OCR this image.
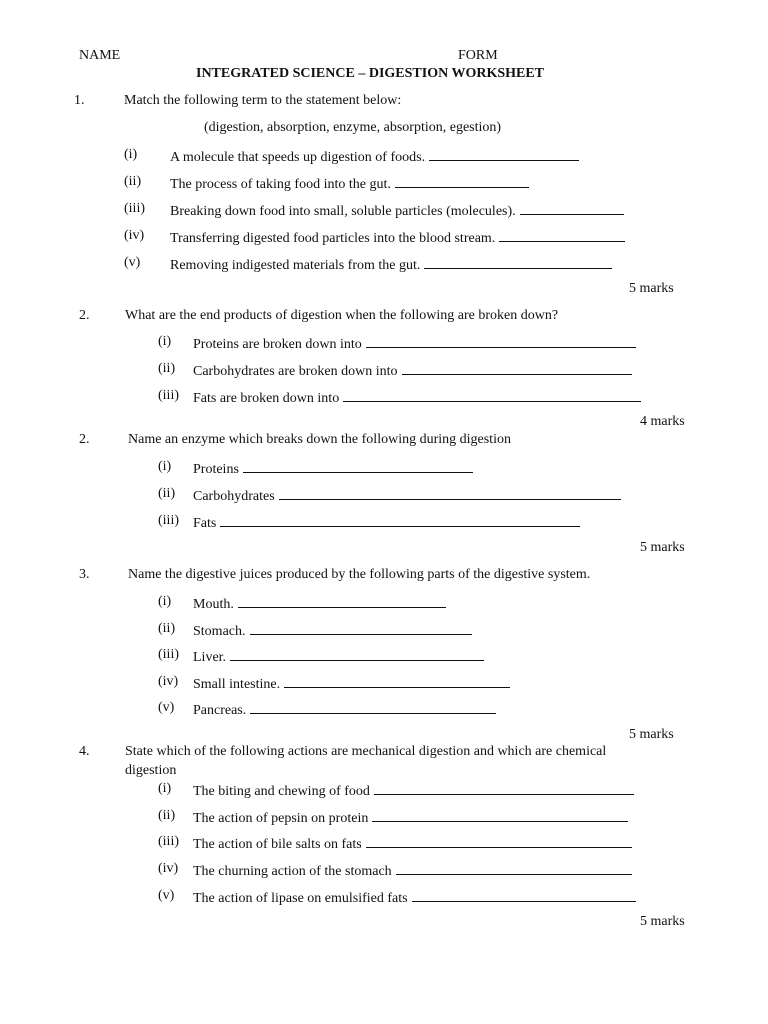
NAME	FORM
INTEGRATED SCIENCE – DIGESTION WORKSHEET
1.	Match the following term to the statement below:
(digestion, absorption, enzyme, absorption, egestion)
(i) A molecule that speeds up digestion of foods.
(ii) The process of taking food into the gut.
(iii) Breaking down food into small, soluble particles (molecules).
(iv) Transferring digested food particles into the blood stream.
(v) Removing indigested materials from the gut.
5 marks
2.	What are the end products of digestion when the following are broken down?
(i) Proteins are broken down into
(ii) Carbohydrates are broken down into
(iii) Fats are broken down into
4 marks
2.	Name an enzyme which breaks down the following during digestion
(i) Proteins
(ii) Carbohydrates
(iii) Fats
5 marks
3.	Name the digestive juices produced by the following parts of the digestive system.
(i) Mouth.
(ii) Stomach.
(iii) Liver.
(iv) Small intestine.
(v) Pancreas.
5 marks
4.	State which of the following actions are mechanical digestion and which are chemical
digestion
(i) The biting and chewing of food
(ii) The action of pepsin on protein
(iii) The action of bile salts on fats
(iv) The churning action of the stomach
(v) The action of lipase on emulsified fats
5 marks
